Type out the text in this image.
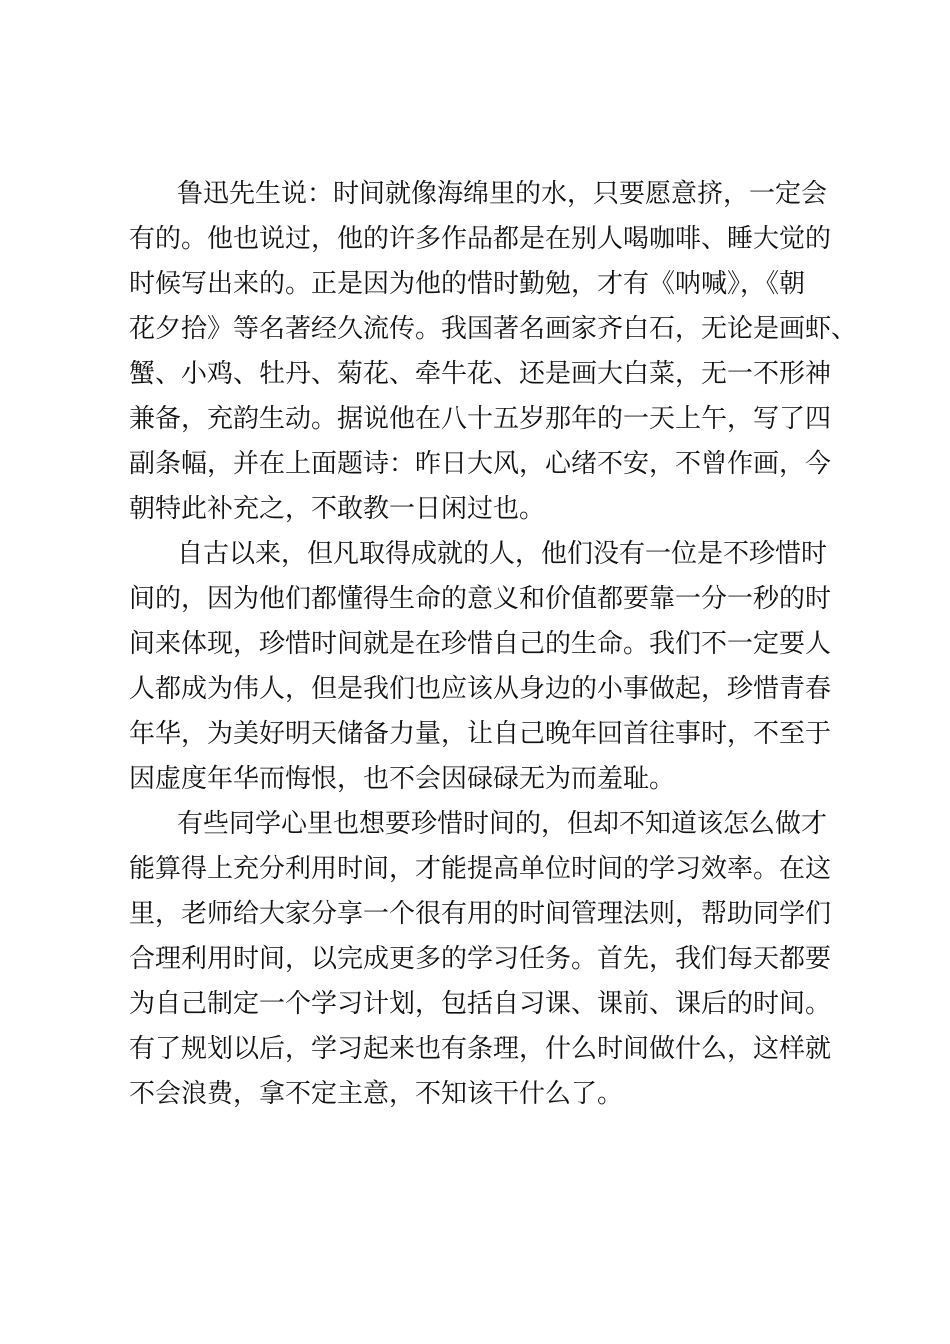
鲁迅先生说：时间就像海绵里的水，只要愿意挤，一定会
有的。他也说过，他的许多作品都是在别人喝咖啡、睡大觉的
时候写出来的。正是因为他的惜时勤勉，才有《呐喊》，《朝
花夕拾》等名著经久流传。我国著名画家齐白石，无论是画虾、
蟹、小鸡、牡丹、菊花、牵牛花、还是画大白菜，无一不形神
兼备，充韵生动。据说他在八十五岁那年的一天上午，写了四
副条幅，并在上面题诗：昨日大风，心绪不安，不曾作画，今
朝特此补充之，不敢教一日闲过也。
自古以来，但凡取得成就的人，他们没有一位是不珍惜时
间的，因为他们都懂得生命的意义和价值都要靠一分一秒的时
间来体现，珍惜时间就是在珍惜自己的生命。我们不一定要人
人都成为伟人，但是我们也应该从身边的小事做起，珍惜青春
年华，为美好明天储备力量，让自己晚年回首往事时，不至于
因虚度年华而悔恨，也不会因碌碌无为而羞耻。
有些同学心里也想要珍惜时间的，但却不知道该怎么做才
能算得上充分利用时间，才能提高单位时间的学习效率。在这
里，老师给大家分享一个很有用的时间管理法则，帮助同学们
合理利用时间，以完成更多的学习任务。首先，我们每天都要
为自己制定一个学习计划，包括自习课、课前、课后的时间。
有了规划以后，学习起来也有条理，什么时间做什么，这样就
不会浪费，拿不定主意，不知该干什么了。
